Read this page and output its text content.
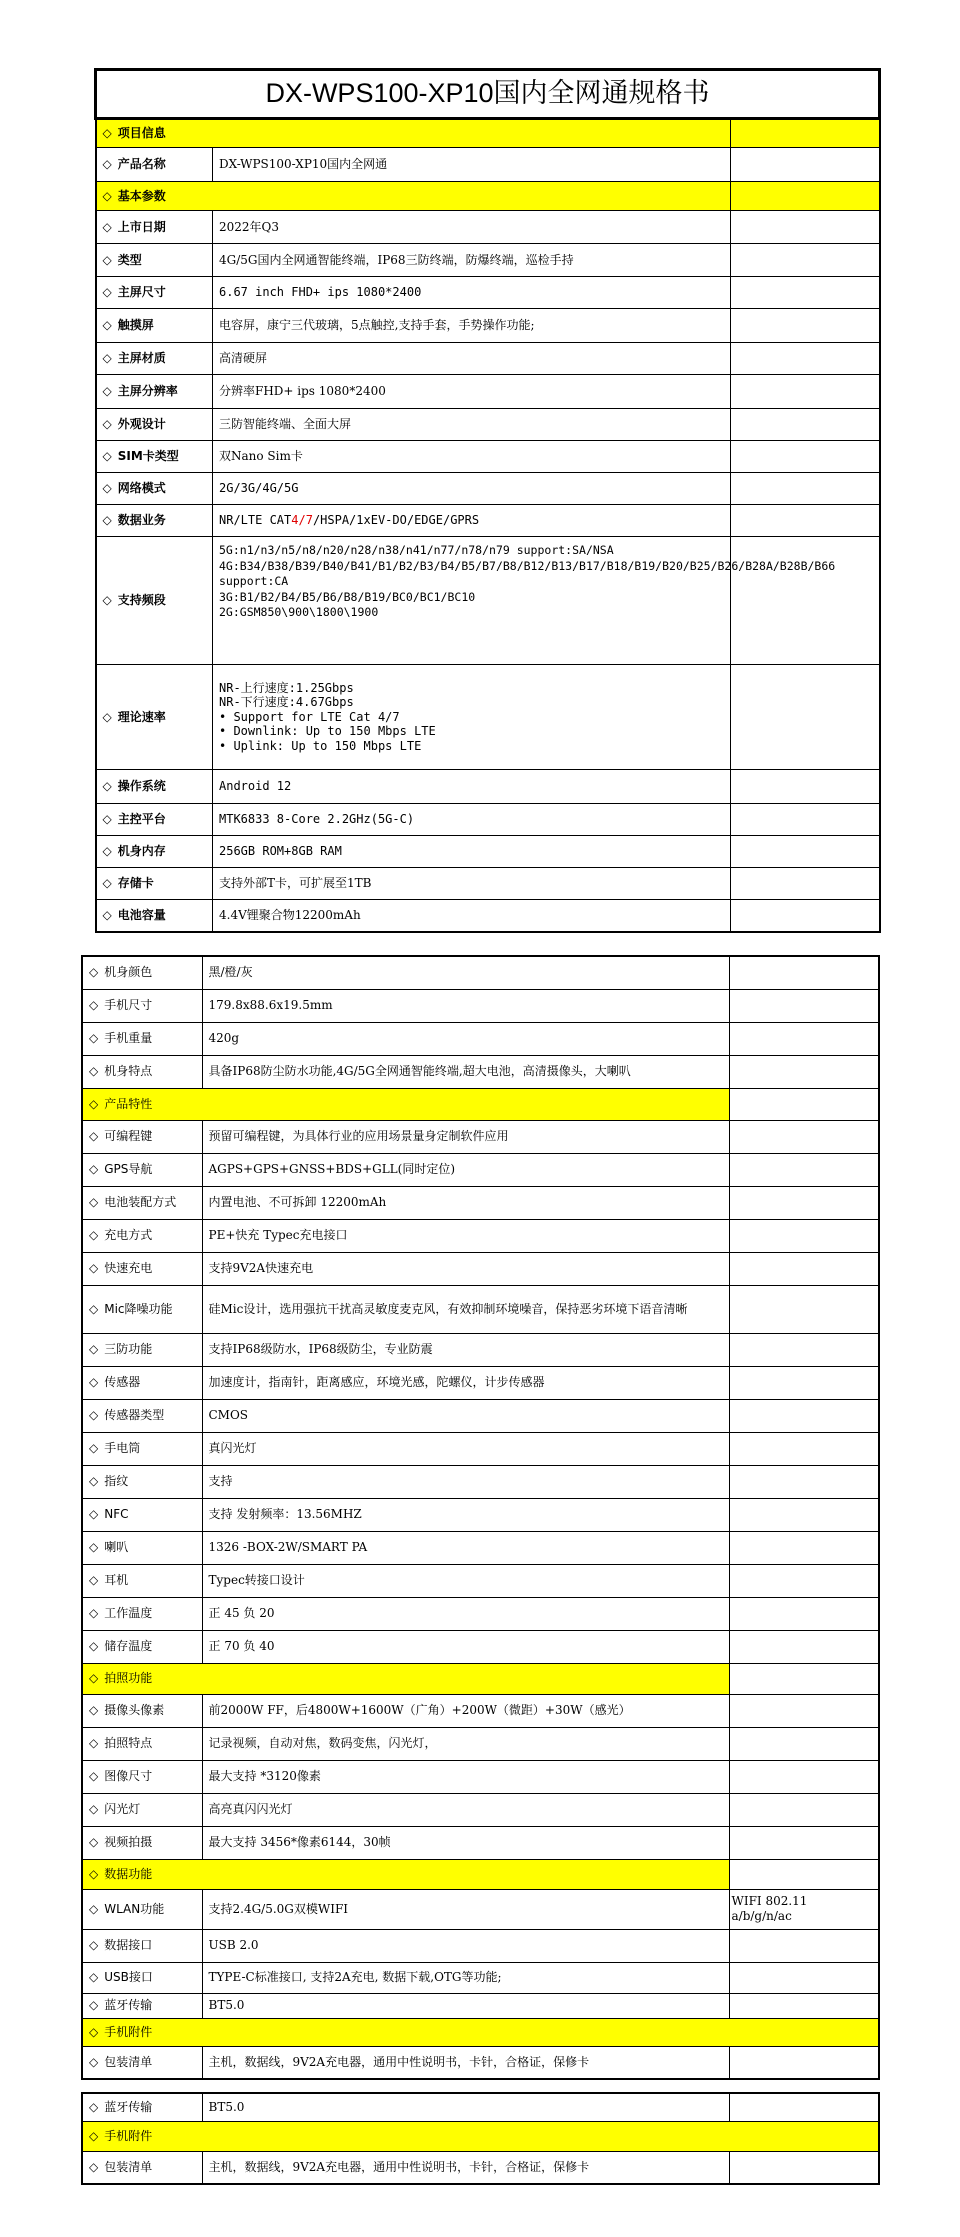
DX-WPS100-XP10国内全网通规格书		
◇ 项目信息		
◇ 产品名称	DX-WPS100-XP10国内全网通	
◇ 基本参数		
◇ 上市日期	2022年Q3	
◇ 类型	4G/5G国内全网通智能终端，IP68三防终端，防爆终端，巡检手持	
◇ 主屏尺寸	6.67 inch FHD+ ips 1080*2400	
◇ 触摸屏	电容屏，康宁三代玻璃，5点触控,支持手套，手势操作功能;	
◇ 主屏材质	高清硬屏	
◇ 主屏分辨率	分辨率FHD+ ips 1080*2400	
◇ 外观设计	三防智能终端、全面大屏	
◇ SIM卡类型	双Nano Sim卡	
◇ 网络模式	2G/3G/4G/5G	
◇ 数据业务	NR/LTE CAT4/7/HSPA/1xEV-DO/EDGE/GPRS	
◇ 支持频段	5G:n1/n3/n5/n8/n20/n28/n38/n41/n77/n78/n79 support:SA/NSA
4G:B34/B38/B39/B40/B41/B1/B2/B3/B4/B5/B7/B8/B12/B13/B17/B18/B19/B20/B25/B26/B28A/B28B/B66 support:CA
3G:B1/B2/B4/B5/B6/B8/B19/BC0/BC1/BC10
2G:GSM850\900\1800\1900	
◇ 理论速率	NR-上行速度:1.25Gbps
NR-下行速度:4.67Gbps
• Support for LTE Cat 4/7
• Downlink: Up to 150 Mbps LTE
• Uplink: Up to 150 Mbps LTE	
◇ 操作系统	Android 12	
◇ 主控平台	MTK6833 8-Core 2.2GHz(5G-C)	
◇ 机身内存	256GB ROM+8GB RAM	
◇ 存储卡	支持外部T卡，可扩展至1TB	
◇ 电池容量	4.4V锂聚合物12200mAh	
◇ 机身颜色	黑/橙/灰	
◇ 手机尺寸	179.8x88.6x19.5mm	
◇ 手机重量	420g	
◇ 机身特点	具备IP68防尘防水功能,4G/5G全网通智能终端,超大电池，高清摄像头，大喇叭	
◇ 产品特性		
◇ 可编程键	预留可编程键，为具体行业的应用场景量身定制软件应用	
◇ GPS导航	AGPS+GPS+GNSS+BDS+GLL(同时定位)	
◇ 电池装配方式	内置电池、不可拆卸 12200mAh	
◇ 充电方式	PE+快充 Typec充电接口	
◇ 快速充电	支持9V2A快速充电	
◇ Mic降噪功能	硅Mic设计，选用强抗干扰高灵敏度麦克风，有效抑制环境噪音，保持恶劣环境下语音清晰	
◇ 三防功能	支持IP68级防水，IP68级防尘，专业防震	
◇ 传感器	加速度计，指南针，距离感应，环境光感，陀螺仪，计步传感器	
◇ 传感器类型	CMOS	
◇ 手电筒	真闪光灯	
◇ 指纹	支持	
◇ NFC	支持 发射频率：13.56MHZ	
◇ 喇叭	1326 -BOX-2W/SMART PA	
◇ 耳机	Typec转接口设计	
◇ 工作温度	正 45 负 20	
◇ 储存温度	正 70 负 40	
◇ 拍照功能		
◇ 摄像头像素	前2000W FF，后4800W+1600W（广角）+200W（微距）+30W（感光）	
◇ 拍照特点	记录视频，自动对焦，数码变焦，闪光灯，	
◇ 图像尺寸	最大支持 *3120像素	
◇ 闪光灯	高亮真闪闪光灯	
◇ 视频拍摄	最大支持 3456*像素6144，30帧	
◇ 数据功能		
◇ WLAN功能	支持2.4G/5.0G双模WIFI	WIFI 802.11
a/b/g/n/ac
◇ 数据接口	USB 2.0	
◇ USB接口	TYPE-C标准接口, 支持2A充电, 数据下载,OTG等功能;	
◇ 蓝牙传输	BT5.0	
◇ 手机附件		
◇ 包装清单	主机，数据线，9V2A充电器，通用中性说明书，卡针，合格证，保修卡	
◇ 蓝牙传输	BT5.0	
◇ 手机附件		
◇ 包装清单	主机，数据线，9V2A充电器，通用中性说明书，卡针，合格证，保修卡	
